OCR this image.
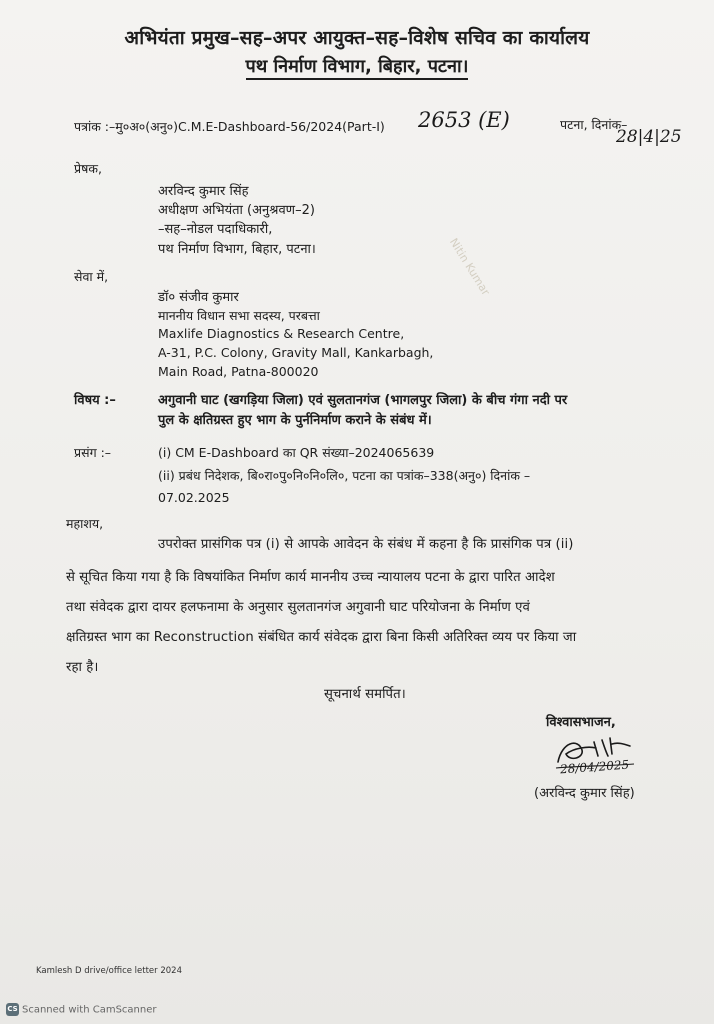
अभियंता प्रमुख–सह–अपर आयुक्त–सह–विशेष सचिव का कार्यालय
पथ निर्माण विभाग, बिहार, पटना।
पत्रांक :–मु०अ०(अनु०)C.M.E-Dashboard-56/2024(Part-I) 2653 (E)	पटना, दिनांक–
28|4|25
प्रेषक,
अरविन्द कुमार सिंह
अधीक्षण अभियंता (अनुश्रवण–2)
–सह–नोडल पदाधिकारी,
पथ निर्माण विभाग, बिहार, पटना।	Nitin Kumar
सेवा में,
डॉ० संजीव कुमार
माननीय विधान सभा सदस्य, परबत्ता
Maxlife Diagnostics & Research Centre,
A-31, P.C. Colony, Gravity Mall, Kankarbagh,
Main Road, Patna-800020
विषय :–	अगुवानी घाट (खगड़िया जिला) एवं सुलतानगंज (भागलपुर जिला) के बीच गंगा नदी पर
पुल के क्षतिग्रस्त हुए भाग के पुर्ननिर्माण कराने के संबंध में।
प्रसंग :–	(i) CM E-Dashboard का QR संख्या–2024065639
(ii) प्रबंध निदेशक, बि०रा०पु०नि०नि०लि०, पटना का पत्रांक–338(अनु०) दिनांक –
07.02.2025
महाशय,
उपरोक्त प्रासंगिक पत्र (i) से आपके आवेदन के संबंध में कहना है कि प्रासंगिक पत्र (ii)
से सूचित किया गया है कि विषयांकित निर्माण कार्य माननीय उच्च न्यायालय पटना के द्वारा पारित आदेश
तथा संवेदक द्वारा दायर हलफनामा के अनुसार सुलतानगंज अगुवानी घाट परियोजना के निर्माण एवं
क्षतिग्रस्त भाग का Reconstruction संबंधित कार्य संवेदक द्वारा बिना किसी अतिरिक्त व्यय पर किया जा
रहा है।
सूचनार्थ समर्पित।
विश्वासभाजन,
28/04/2025
(अरविन्द कुमार सिंह)
Kamlesh D drive/office letter 2024
CS Scanned with CamScanner
